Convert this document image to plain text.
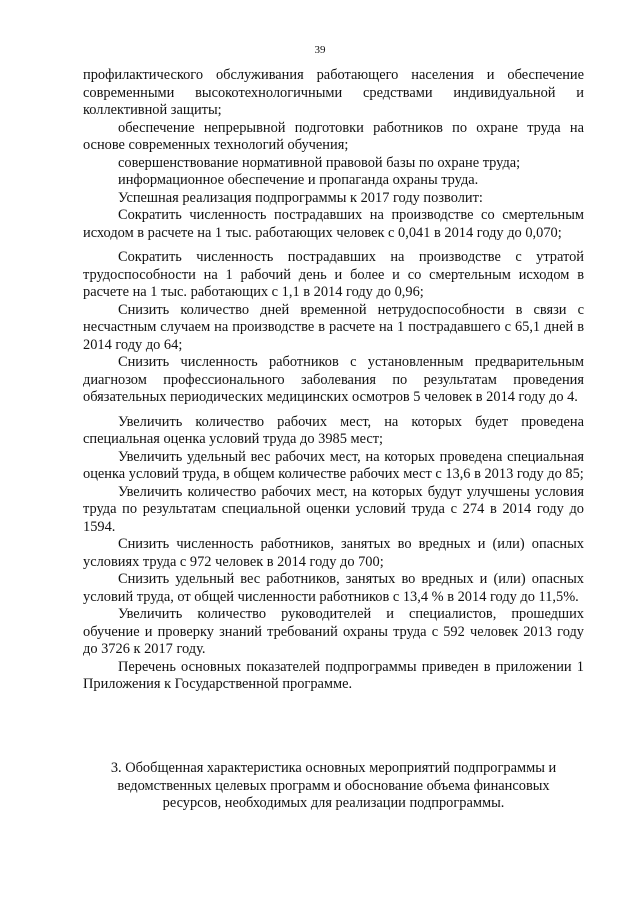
39

профилактического обслуживания работающего населения и обеспечение современными высокотехнологичными средствами индивидуальной и коллективной защиты;

обеспечение непрерывной подготовки работников по охране труда на основе современных технологий обучения;

совершенствование нормативной правовой базы по охране труда;

информационное обеспечение и пропаганда охраны труда.

Успешная реализация подпрограммы к 2017 году позволит:

Сократить численность пострадавших на производстве со смертельным исходом в расчете на 1 тыс. работающих человек с 0,041 в 2014 году до 0,070;

Сократить численность пострадавших на производстве с утратой трудоспособности на 1 рабочий день и более и со смертельным исходом в расчете на 1 тыс. работающих с 1,1 в 2014 году до 0,96;

Снизить количество дней временной нетрудоспособности в связи с несчастным случаем на производстве в расчете на 1 пострадавшего с 65,1 дней в 2014 году до 64;

Снизить численность работников с установленным предварительным диагнозом профессионального заболевания по результатам проведения обязательных периодических медицинских осмотров 5 человек в 2014 году до 4.

Увеличить количество рабочих мест, на которых будет проведена специальная оценка условий труда до 3985 мест;

Увеличить удельный вес рабочих мест, на которых проведена специальная оценка условий труда, в общем количестве рабочих мест с 13,6 в 2013 году до 85;

Увеличить количество рабочих мест, на которых будут улучшены условия труда по результатам специальной оценки условий труда с 274 в 2014 году до 1594.

Снизить численность работников, занятых во вредных и (или) опасных условиях труда с 972 человек в 2014 году до 700;

Снизить удельный вес работников, занятых во вредных и (или) опасных условий труда, от общей численности работников с 13,4 % в 2014 году до 11,5%.

Увеличить количество руководителей и специалистов, прошедших обучение и проверку знаний требований охраны труда с 592 человек 2013 году до 3726 к 2017 году.

Перечень основных показателей подпрограммы приведен в приложении 1 Приложения к Государственной программе.

3. Обобщенная характеристика основных мероприятий подпрограммы и

ведомственных целевых программ и обоснование объема финансовых

ресурсов, необходимых для реализации подпрограммы.
